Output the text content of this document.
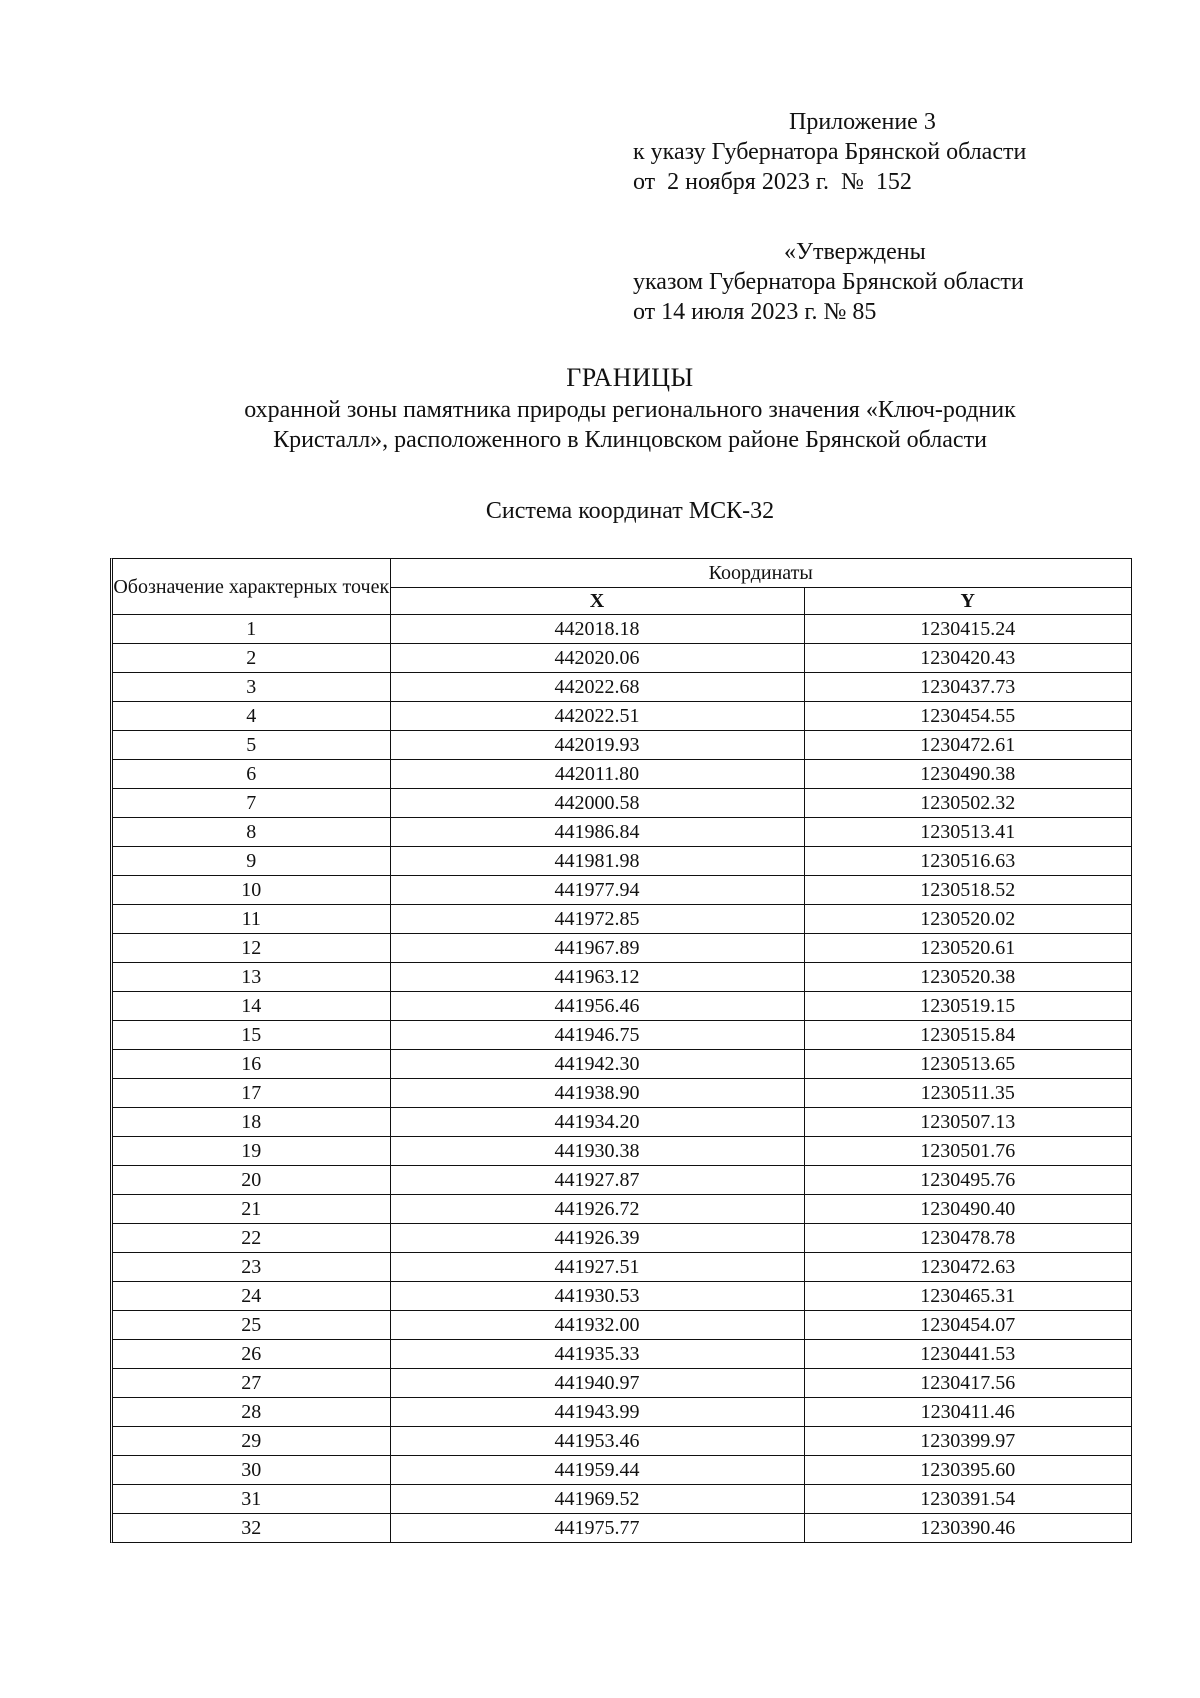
Приложение 3
к указу Губернатора Брянской области
от  2 ноября 2023 г.  №  152
«Утверждены
указом Губернатора Брянской области
от 14 июля 2023 г. № 85
ГРАНИЦЫ
охранной зоны памятника природы регионального значения «Ключ-родник
Кристалл», расположенного в Клинцовском районе Брянской области
Система координат МСК-32
Обозначение характерных точек	Координаты	
	X	Y
1	442018.18	1230415.24
2	442020.06	1230420.43
3	442022.68	1230437.73
4	442022.51	1230454.55
5	442019.93	1230472.61
6	442011.80	1230490.38
7	442000.58	1230502.32
8	441986.84	1230513.41
9	441981.98	1230516.63
10	441977.94	1230518.52
11	441972.85	1230520.02
12	441967.89	1230520.61
13	441963.12	1230520.38
14	441956.46	1230519.15
15	441946.75	1230515.84
16	441942.30	1230513.65
17	441938.90	1230511.35
18	441934.20	1230507.13
19	441930.38	1230501.76
20	441927.87	1230495.76
21	441926.72	1230490.40
22	441926.39	1230478.78
23	441927.51	1230472.63
24	441930.53	1230465.31
25	441932.00	1230454.07
26	441935.33	1230441.53
27	441940.97	1230417.56
28	441943.99	1230411.46
29	441953.46	1230399.97
30	441959.44	1230395.60
31	441969.52	1230391.54
32	441975.77	1230390.46
